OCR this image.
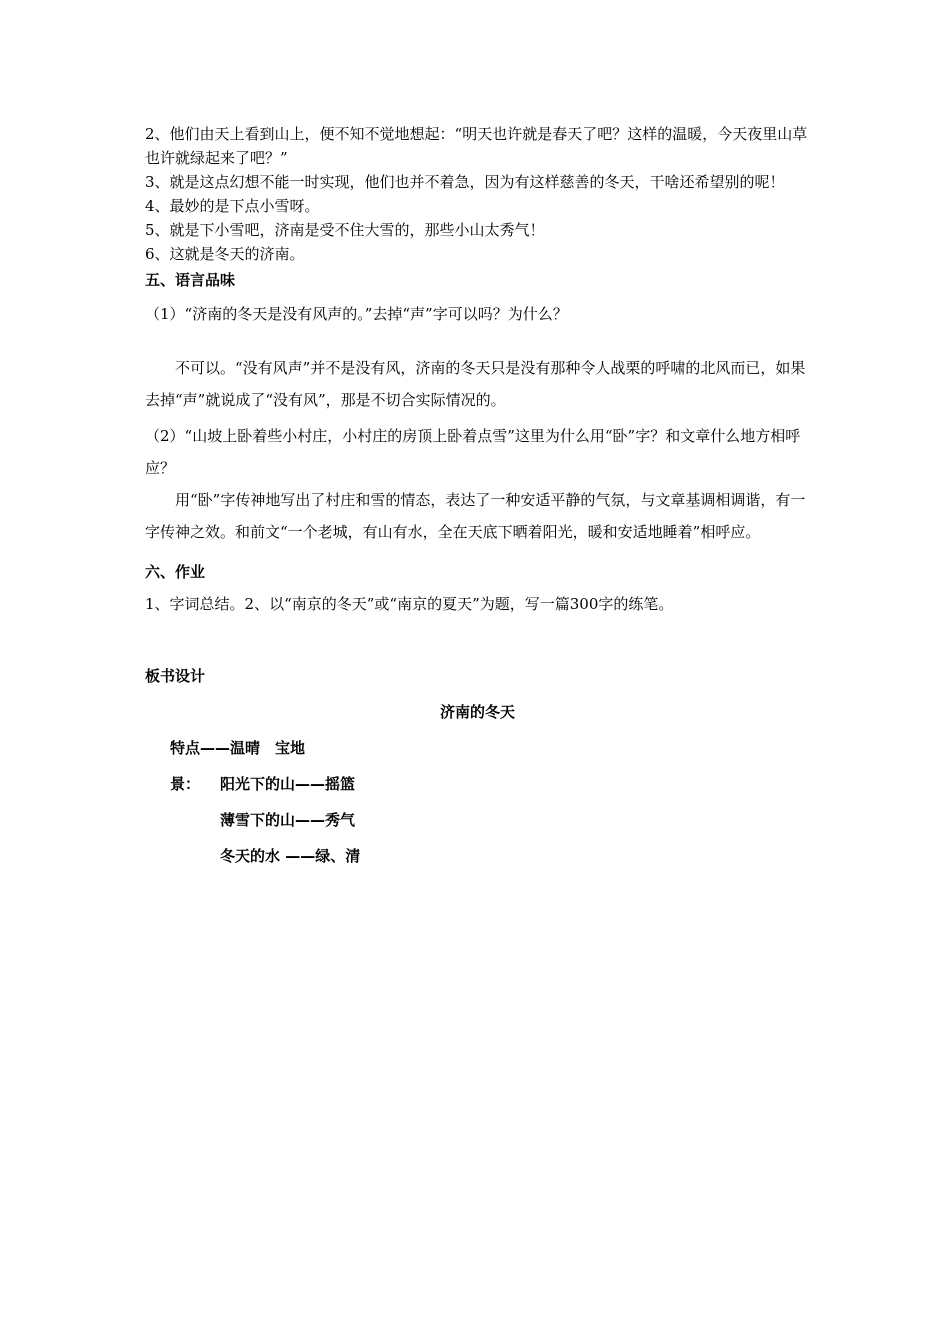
2、他们由天上看到山上，便不知不觉地想起：“明天也许就是春天了吧？这样的温暖，今天夜里山草也许就绿起来了吧？”
3、就是这点幻想不能一时实现，他们也并不着急，因为有这样慈善的冬天，干啥还希望别的呢！
4、最妙的是下点小雪呀。
5、就是下小雪吧，济南是受不住大雪的，那些小山太秀气！
6、这就是冬天的济南。
五、语言品味
（1）“济南的冬天是没有风声的。”去掉“声”字可以吗？为什么？
不可以。“没有风声”并不是没有风，济南的冬天只是没有那种令人战栗的呼啸的北风而已，如果去掉“声”就说成了“没有风”，那是不切合实际情况的。
（2）“山坡上卧着些小村庄，小村庄的房顶上卧着点雪”这里为什么用“卧”字？和文章什么地方相呼应？
用“卧”字传神地写出了村庄和雪的情态，表达了一种安适平静的气氛，与文章基调相调谐，有一字传神之效。和前文“一个老城，有山有水，全在天底下晒着阳光，暖和安适地睡着”相呼应。
六、作业
1、字词总结。2、以“南京的冬天”或“南京的夏天”为题，写一篇300字的练笔。
板书设计
济南的冬天
特点——温晴　宝地
景： 阳光下的山——摇篮
薄雪下的山——秀气
冬天的水 ——绿、清
